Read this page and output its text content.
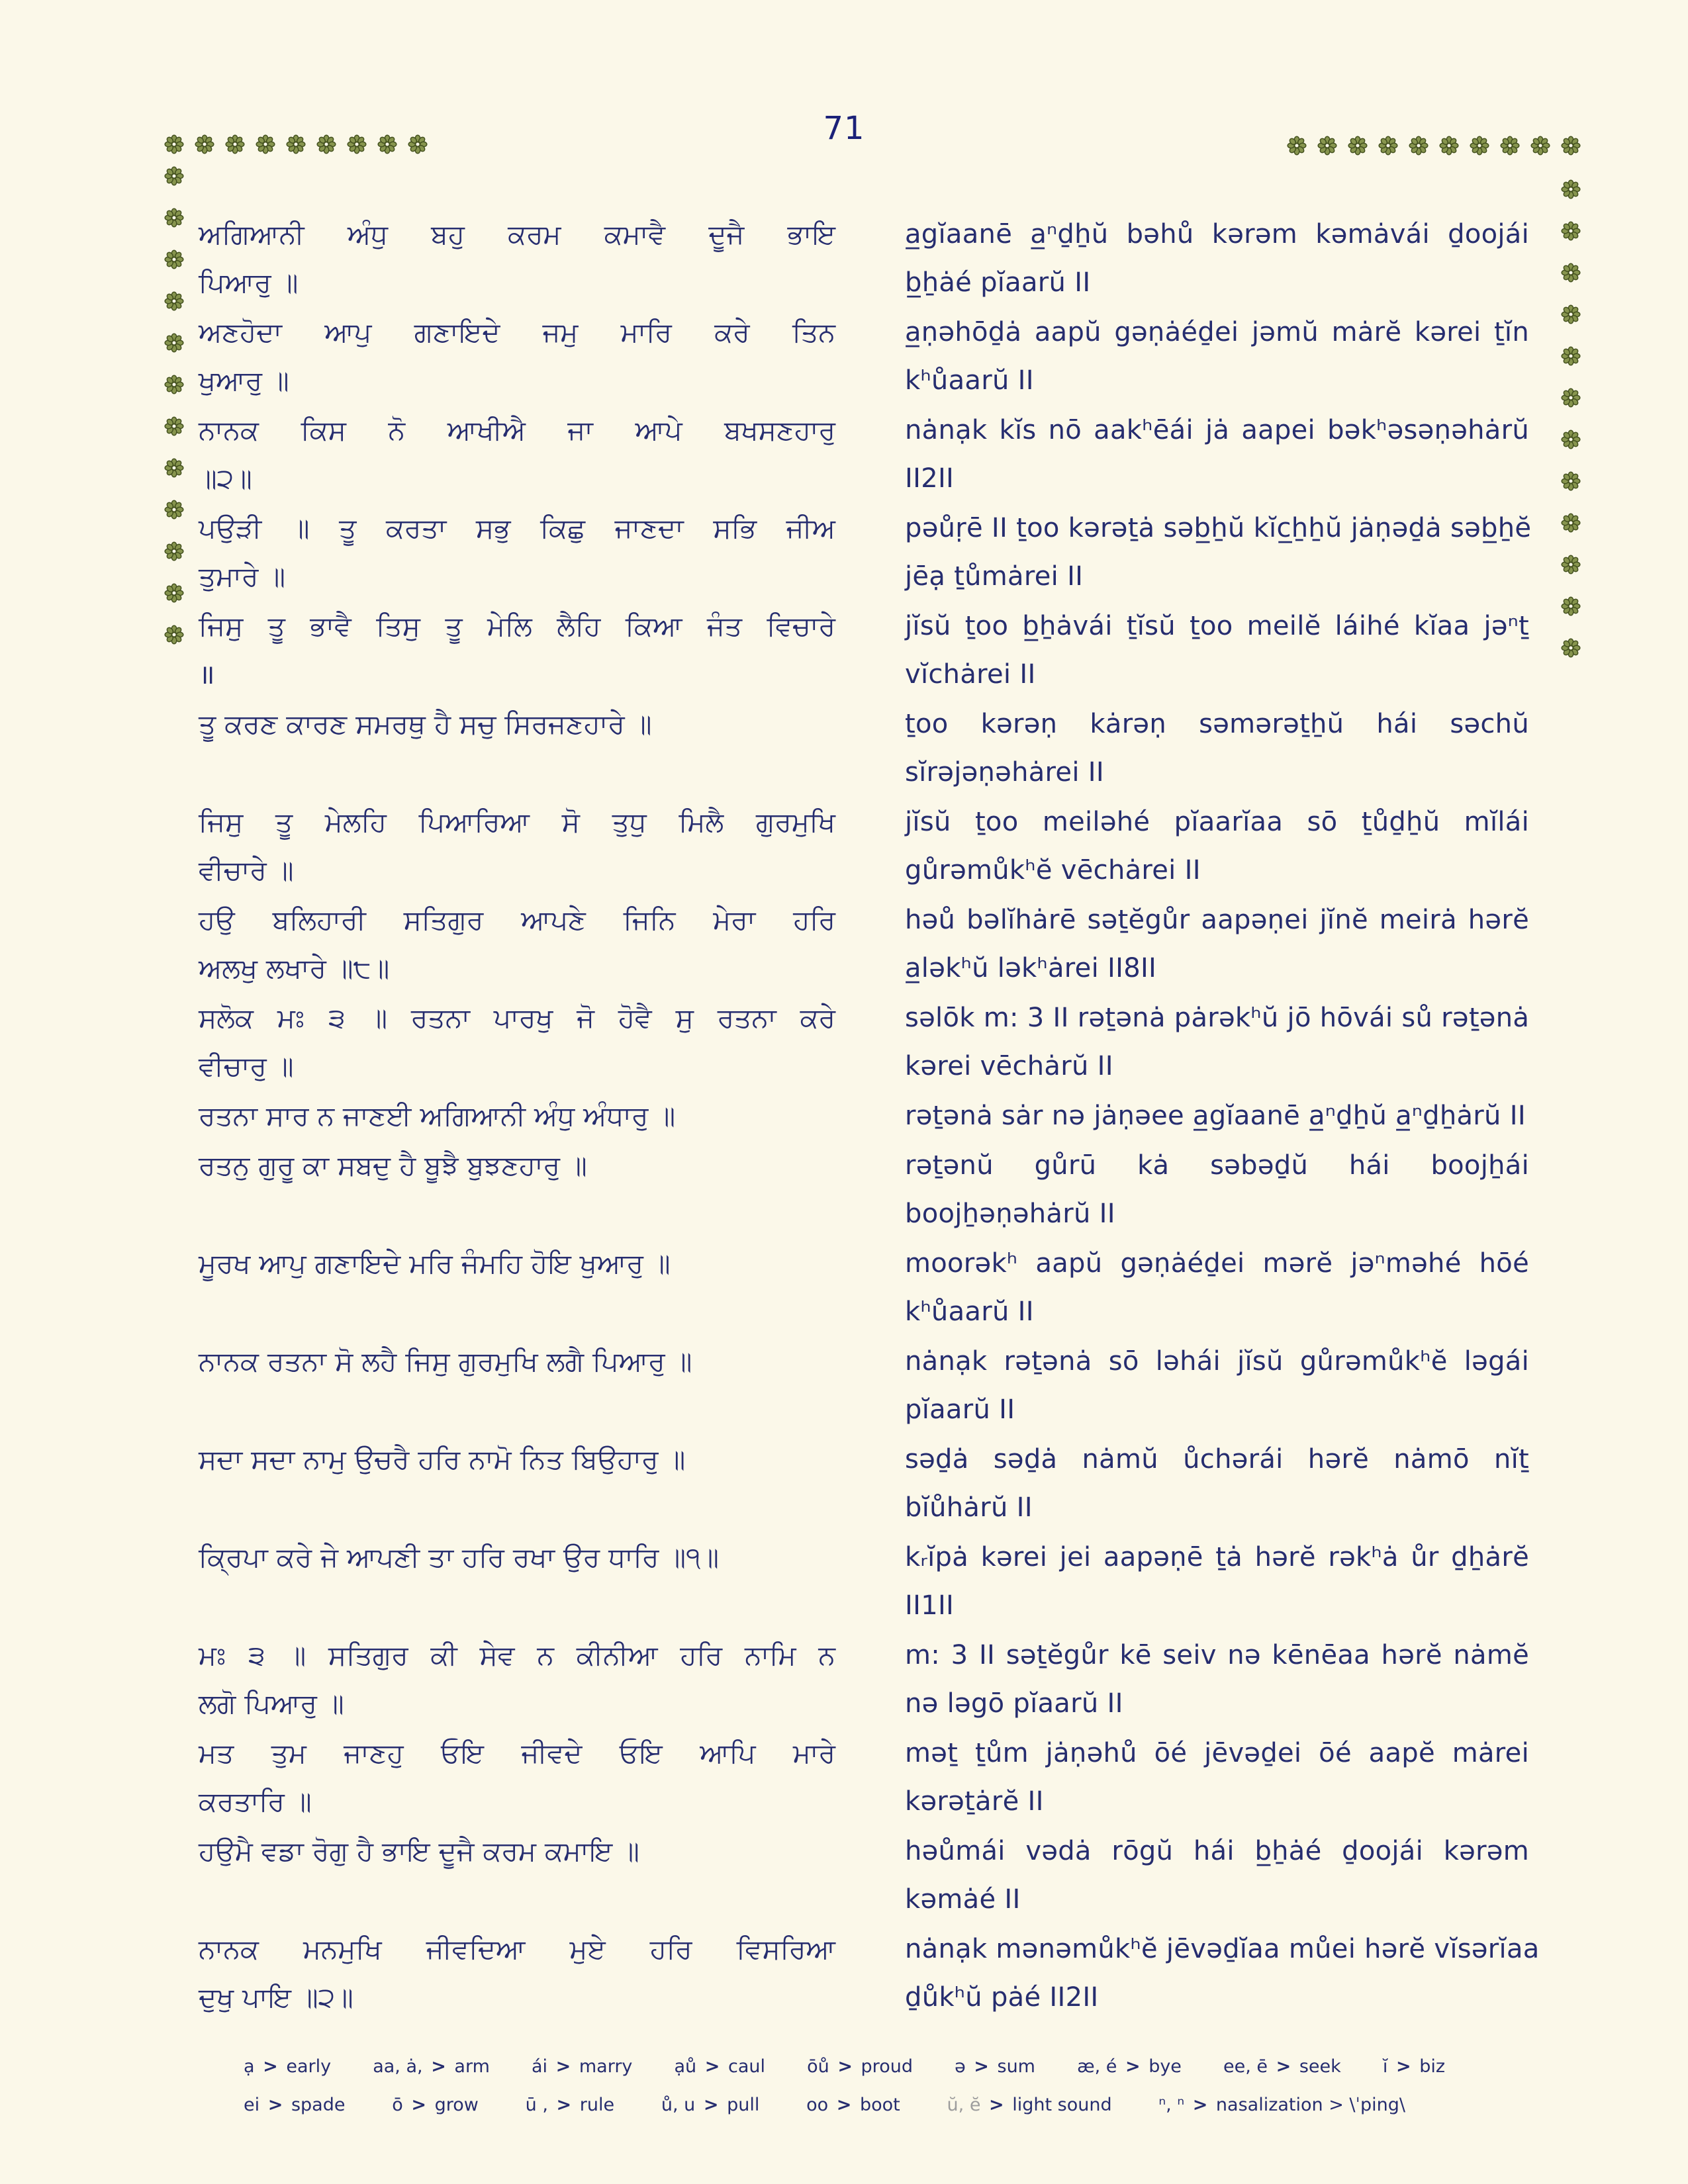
71
ਅਗਿਆਨੀ ਅੰਧੁ ਬਹੁ ਕਰਮ ਕਮਾਵੈ ਦੂਜੈ ਭਾਇ
ਪਿਆਰੁ ॥
a̲gĭaanē a̲ⁿḏẖŭ bəhů kərəm kəmȧvái ḏoojái
b̲ẖȧé pĭaarŭ II
ਅਣਹੋਦਾ ਆਪੁ ਗਣਾਇਦੇ ਜਮੁ ਮਾਰਿ ਕਰੇ ਤਿਨ
ਖੁਆਰੁ ॥
a̲ṇəhōḏȧ aapŭ gəṇȧéḏei jəmŭ mȧrĕ kərei ṯĭn
kʰůaarŭ II
ਨਾਨਕ ਕਿਸ ਨੋ ਆਖੀਐ ਜਾ ਆਪੇ ਬਖਸਣਹਾਰੁ
॥੨॥
nȧnạk kĭs nō aakʰēái jȧ aapei bəkʰəsəṇəhȧrŭ
II2II
ਪਉੜੀ ॥ ਤੂ ਕਰਤਾ ਸਭੁ ਕਿਛੁ ਜਾਣਦਾ ਸਭਿ ਜੀਅ
ਤੁਮਾਰੇ ॥
pəůṛē II ṯoo kərəṯȧ səb̲ẖŭ kĭc̲ẖẖŭ jȧṇəḏȧ səb̲ẖĕ
jēạ ṯůmȧrei II
ਜਿਸੁ ਤੂ ਭਾਵੈ ਤਿਸੁ ਤੂ ਮੇਲਿ ਲੈਹਿ ਕਿਆ ਜੰਤ ਵਿਚਾਰੇ
॥
jĭsŭ ṯoo b̲ẖȧvái ṯĭsŭ ṯoo meilĕ láihé kĭaa jəⁿṯ
vĭchȧrei II
ਤੂ ਕਰਣ ਕਾਰਣ ਸਮਰਥੁ ਹੈ ਸਚੁ ਸਿਰਜਣਹਾਰੇ ॥	ṯoo kərəṇ kȧrəṇ səmərəṯẖŭ hái səchŭ
sĭrəjəṇəhȧrei II
ਜਿਸੁ ਤੂ ਮੇਲਹਿ ਪਿਆਰਿਆ ਸੋ ਤੁਧੁ ਮਿਲੈ ਗੁਰਮੁਖਿ
ਵੀਚਾਰੇ ॥
jĭsŭ ṯoo meiləhé pĭaarĭaa sō ṯůḏẖŭ mĭlái
gůrəmůkʰĕ vēchȧrei II
ਹਉ ਬਲਿਹਾਰੀ ਸਤਿਗੁਰ ਆਪਣੇ ਜਿਨਿ ਮੇਰਾ ਹਰਿ
ਅਲਖੁ ਲਖਾਰੇ ॥੮॥
həů bəlĭhȧrē səṯĕgůr aapəṇei jĭnĕ meirȧ hərĕ
a̲ləkʰŭ ləkʰȧrei II8II
ਸਲੋਕ ਮਃ ੩ ॥ ਰਤਨਾ ਪਾਰਖੁ ਜੋ ਹੋਵੈ ਸੁ ਰਤਨਾ ਕਰੇ
ਵੀਚਾਰੁ ॥
səlōk m: 3 II rəṯənȧ pȧrəkʰŭ jō hōvái sů rəṯənȧ
kərei vēchȧrŭ II
ਰਤਨਾ ਸਾਰ ਨ ਜਾਣਈ ਅਗਿਆਨੀ ਅੰਧੁ ਅੰਧਾਰੁ ॥	rəṯənȧ sȧr nə jȧṇəee a̲gĭaanē a̲ⁿḏẖŭ a̲ⁿḏẖȧrŭ II
ਰਤਨੁ ਗੁਰੂ ਕਾ ਸਬਦੁ ਹੈ ਬੂਝੈ ਬੁਝਣਹਾਰੁ ॥	rəṯənŭ gůrū kȧ səbəḏŭ hái boojẖái
boojẖəṇəhȧrŭ II
ਮੂਰਖ ਆਪੁ ਗਣਾਇਦੇ ਮਰਿ ਜੰਮਹਿ ਹੋਇ ਖੁਆਰੁ ॥	moorəkʰ aapŭ gəṇȧéḏei mərĕ jəⁿməhé hōé
kʰůaarŭ II
ਨਾਨਕ ਰਤਨਾ ਸੋ ਲਹੈ ਜਿਸੁ ਗੁਰਮੁਖਿ ਲਗੈ ਪਿਆਰੁ ॥	nȧnạk rəṯənȧ sō ləhái jĭsŭ gůrəmůkʰĕ ləgái
pĭaarŭ II
ਸਦਾ ਸਦਾ ਨਾਮੁ ਉਚਰੈ ਹਰਿ ਨਾਮੋ ਨਿਤ ਬਿਉਹਾਰੁ ॥	səḏȧ səḏȧ nȧmŭ ůchərái hərĕ nȧmō nĭṯ
bĭůhȧrŭ II
ਕ੍ਰਿਪਾ ਕਰੇ ਜੇ ਆਪਣੀ ਤਾ ਹਰਿ ਰਖਾ ਉਰ ਧਾਰਿ ॥੧॥	kᵣĭpȧ kərei jei aapəṇē ṯȧ hərĕ rəkʰȧ ůr ḏẖȧrĕ
II1II
ਮਃ ੩ ॥ ਸਤਿਗੁਰ ਕੀ ਸੇਵ ਨ ਕੀਨੀਆ ਹਰਿ ਨਾਮਿ ਨ
ਲਗੋ ਪਿਆਰੁ ॥
m: 3 II səṯĕgůr kē seiv nə kēnēaa hərĕ nȧmĕ
nə ləgō pĭaarŭ II
ਮਤ ਤੁਮ ਜਾਣਹੁ ਓਇ ਜੀਵਦੇ ਓਇ ਆਪਿ ਮਾਰੇ
ਕਰਤਾਰਿ ॥
məṯ ṯům jȧṇəhů ōé jēvəḏei ōé aapĕ mȧrei
kərəṯȧrĕ II
ਹਉਮੈ ਵਡਾ ਰੋਗੁ ਹੈ ਭਾਇ ਦੂਜੈ ਕਰਮ ਕਮਾਇ ॥	həůmái vədȧ rōgŭ hái b̲ẖȧé ḏoojái kərəm
kəmȧé II
ਨਾਨਕ ਮਨਮੁਖਿ ਜੀਵਦਿਆ ਮੁਏ ਹਰਿ ਵਿਸਰਿਆ
ਦੁਖੁ ਪਾਇ ॥੨॥
nȧnạk mənəmůkʰĕ jēvəḏĭaa můei hərĕ vĭsərĭaa
ḏůkʰŭ pȧé II2II
ạ > early aa, ȧ, > arm ái > marry ạů > caul ōů > proud ə > sum æ, é > bye ee, ē > seek ĭ > biz
ei > spade	ō > grow	ū , > rule	ů, u > pull	oo > boot	ŭ, ĕ > light sound	ⁿ, ⁿ > nasalization > \ˈping\
